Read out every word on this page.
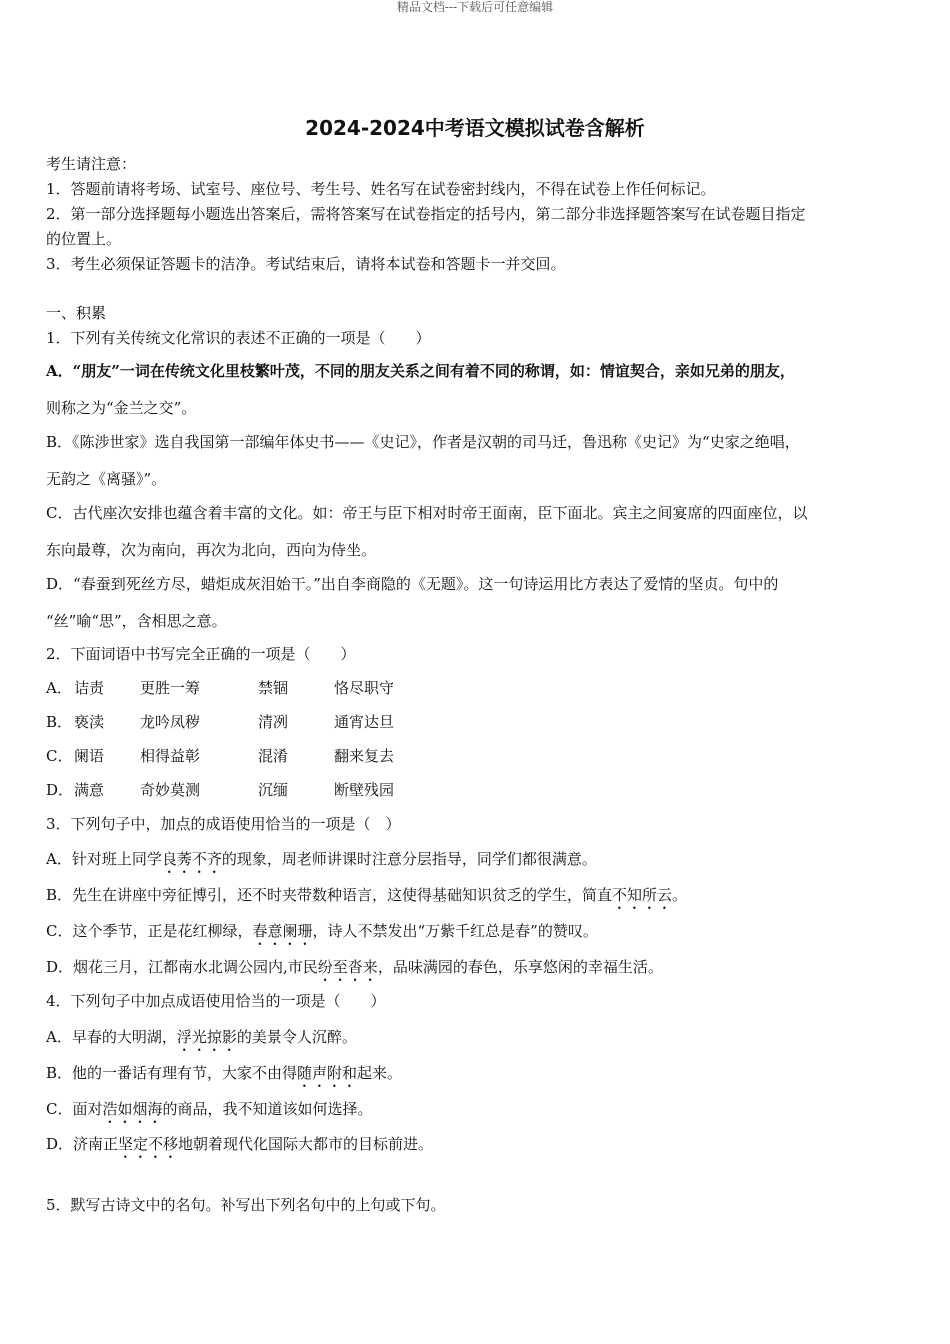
精品文档---下载后可任意编辑
2024-2024中考语文模拟试卷含解析
考生请注意：
1．答题前请将考场、试室号、座位号、考生号、姓名写在试卷密封线内，不得在试卷上作任何标记。
2．第一部分选择题每小题选出答案后，需将答案写在试卷指定的括号内，第二部分非选择题答案写在试卷题目指定
的位置上。
3．考生必须保证答题卡的洁净。考试结束后，请将本试卷和答题卡一并交回。
一、积累
1．下列有关传统文化常识的表述不正确的一项是（　　）
A．“朋友”一词在传统文化里枝繁叶茂，不同的朋友关系之间有着不同的称谓，如：情谊契合，亲如兄弟的朋友，
则称之为“金兰之交”。
B．《陈涉世家》选自我国第一部编年体史书——《史记》，作者是汉朝的司马迁，鲁迅称《史记》为“史家之绝唱，
无韵之《离骚》”。
C．古代座次安排也蕴含着丰富的文化。如：帝王与臣下相对时帝王面南，臣下面北。宾主之间宴席的四面座位，以
东向最尊，次为南向，再次为北向，西向为侍坐。
D．“春蚕到死丝方尽，蜡炬成灰泪始干。”出自李商隐的《无题》。这一句诗运用比方表达了爱情的坚贞。句中的
“丝”喻“思”，含相思之意。
2．下面词语中书写完全正确的一项是（　　）
A． 诘责 更胜一筹	禁锢	恪尽职守
B． 亵渎 龙吟凤秽	清冽	通宵达旦
C． 阑语 相得益彰	混淆	翻来复去
D．满意 奇妙莫测	沉缅	断壁残园
3．下列句子中，加点的成语使用恰当的一项是（　）
A．针对班上同学良莠不齐的现象，周老师讲课时注意分层指导，同学们都很满意。
B．先生在讲座中旁征博引，还不时夹带数种语言，这使得基础知识贫乏的学生，简直不知所云。
C．这个季节，正是花红柳绿，春意阑珊，诗人不禁发出“万紫千红总是春”的赞叹。
D．烟花三月，江都南水北调公园内,市民纷至沓来，品味满园的春色，乐享悠闲的幸福生活。
4．下列句子中加点成语使用恰当的一项是（　　）
A．早春的大明湖，浮光掠影的美景令人沉醉。
B．他的一番话有理有节，大家不由得随声附和起来。
C．面对浩如烟海的商品，我不知道该如何选择。
D．济南正坚定不移地朝着现代化国际大都市的目标前进。
5．默写古诗文中的名句。补写出下列名句中的上句或下句。
